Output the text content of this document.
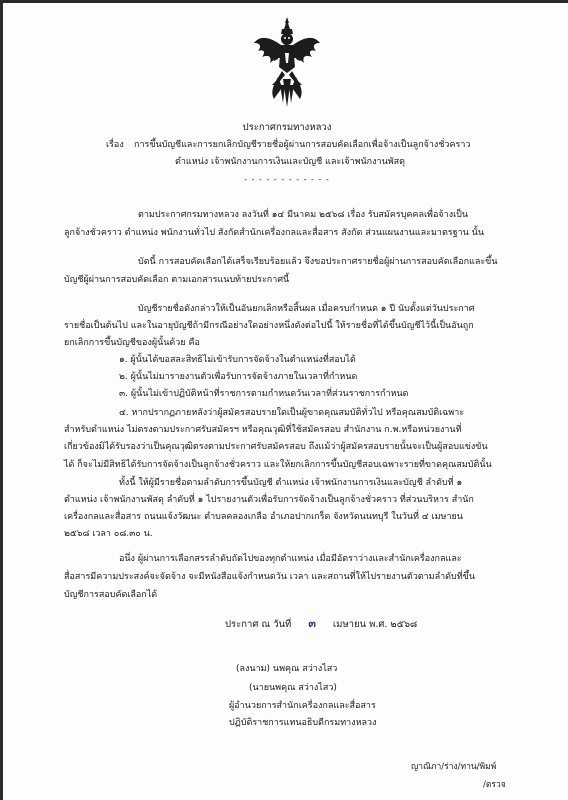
ประกาศกรมทางหลวง
เรื่อง การขึ้นบัญชีและการยกเลิกบัญชีรายชื่อผู้ผ่านการสอบคัดเลือกเพื่อจ้างเป็นลูกจ้างชั่วคราว
ตำแหน่ง เจ้าพนักงานการเงินและบัญชี และเจ้าพนักงานพัสดุ
- - - - - - - - - - - -
ตามประกาศกรมทางหลวง ลงวันที่ ๑๔ มีนาคม ๒๕๖๘ เรื่อง รับสมัครบุคคลเพื่อจ้างเป็น
ลูกจ้างชั่วคราว ตำแหน่ง พนักงานทั่วไป สังกัดสำนักเครื่องกลและสื่อสาร สังกัด ส่วนแผนงานและมาตรฐาน นั้น
บัดนี้ การสอบคัดเลือกได้เสร็จเรียบร้อยแล้ว จึงขอประกาศรายชื่อผู้ผ่านการสอบคัดเลือกและขึ้น
บัญชีผู้ผ่านการสอบคัดเลือก ตามเอกสารแนบท้ายประกาศนี้
บัญชีรายชื่อดังกล่าวให้เป็นอันยกเลิกหรือสิ้นผล เมื่อครบกำหนด ๑ ปี นับตั้งแต่วันประกาศ
รายชื่อเป็นต้นไป และในอายุบัญชีถ้ามีกรณีอย่างใดอย่างหนึ่งดังต่อไปนี้ ให้รายชื่อที่ได้ขึ้นบัญชีไว้นี้เป็นอันถูก
ยกเลิกการขึ้นบัญชีของผู้นั้นด้วย คือ
๑. ผู้นั้นได้ขอสละสิทธิไม่เข้ารับการจัดจ้างในตำแหน่งที่สอบได้
๒. ผู้นั้นไม่มารายงานตัวเพื่อรับการจัดจ้างภายในเวลาที่กำหนด
๓. ผู้นั้นไม่เข้าปฏิบัติหน้าที่ราชการตามกำหนดวันเวลาที่ส่วนราชการกำหนด
๔. หากปรากฏภายหลังว่าผู้สมัครสอบรายใดเป็นผู้ขาดคุณสมบัติทั่วไป หรือคุณสมบัติเฉพาะ
สำหรับตำแหน่ง ไม่ตรงตามประกาศรับสมัครฯ หรือคุณวุฒิที่ใช้สมัครสอบ สำนักงาน ก.พ.หรือหน่วยงานที่
เกี่ยวข้องมิได้รับรองว่าเป็นคุณวุฒิตรงตามประกาศรับสมัครสอบ ถึงแม้ว่าผู้สมัครสอบรายนั้นจะเป็นผู้สอบแข่งขัน
ได้ ก็จะไม่มีสิทธิได้รับการจัดจ้างเป็นลูกจ้างชั่วคราว และให้ยกเลิกการขึ้นบัญชีสอบเฉพาะรายที่ขาดคุณสมบัตินั้น
ทั้งนี้ ให้ผู้มีรายชื่อตามลำดับการขึ้นบัญชี ตำแหน่ง เจ้าพนักงานการเงินและบัญชี ลำดับที่ ๑
ตำแหน่ง เจ้าพนักงานพัสดุ ลำดับที่ ๑ ไปรายงานตัวเพื่อรับการจัดจ้างเป็นลูกจ้างชั่วคราว ที่ส่วนบริหาร สำนัก
เครื่องกลและสื่อสาร ถนนแจ้งวัฒนะ ตำบลคลองเกลือ อำเภอปากเกร็ด จังหวัดนนทบุรี ในวันที่ ๔ เมษายน
๒๕๖๘ เวลา ๐๘.๓๐ น.
อนึ่ง ผู้ผ่านการเลือกสรรลำดับถัดไปของทุกตำแหน่ง เมื่อมีอัตราว่างและสำนักเครื่องกลและ
สื่อสารมีความประสงค์จะจัดจ้าง จะมีหนังสือแจ้งกำหนดวัน เวลา และสถานที่ให้ไปรายงานตัวตามลำดับที่ขึ้น
บัญชีการสอบคัดเลือกได้
ประกาศ ณ วันที่ ๓ เมษายน พ.ศ. ๒๕๖๘
(ลงนาม) นพคุณ สว่างไสว
(นายนพคุณ สว่างไสว)
ผู้อำนวยการสำนักเครื่องกลและสื่อสาร
ปฏิบัติราชการแทนอธิบดีกรมทางหลวง
ญาณิภา/ร่าง/ทาน/พิมพ์
/ตรวจ
